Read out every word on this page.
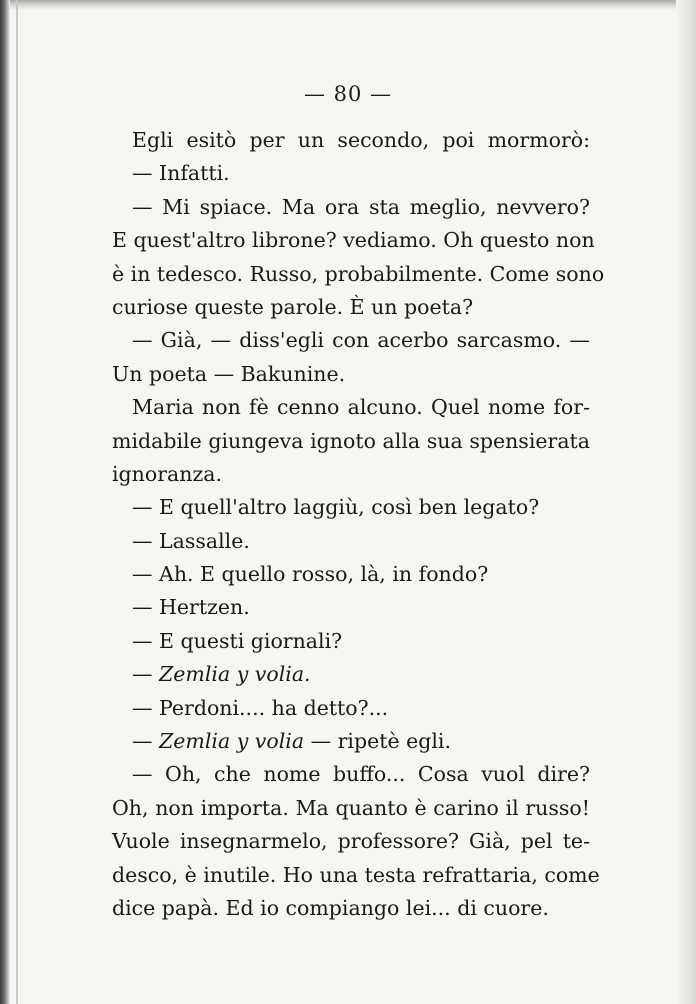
— 80 —
Egli esitò per un secondo, poi mormorò:
— Infatti.
— Mi spiace. Ma ora sta meglio, nevvero?
E quest'altro librone? vediamo. Oh questo non
è in tedesco. Russo, probabilmente. Come sono
curiose queste parole. È un poeta?
— Già, — diss'egli con acerbo sarcasmo. —
Un poeta — Bakunine.
Maria non fè cenno alcuno. Quel nome for-
midabile giungeva ignoto alla sua spensierata
ignoranza.
— E quell'altro laggiù, così ben legato?
— Lassalle.
— Ah. E quello rosso, là, in fondo?
— Hertzen.
— E questi giornali?
— Zemlia y volia.
— Perdoni.... ha detto?...
— Zemlia y volia — ripetè egli.
— Oh, che nome buffo... Cosa vuol dire?
Oh, non importa. Ma quanto è carino il russo!
Vuole insegnarmelo, professore? Già, pel te-
desco, è inutile. Ho una testa refrattaria, come
dice papà. Ed io compiango lei... di cuore.
